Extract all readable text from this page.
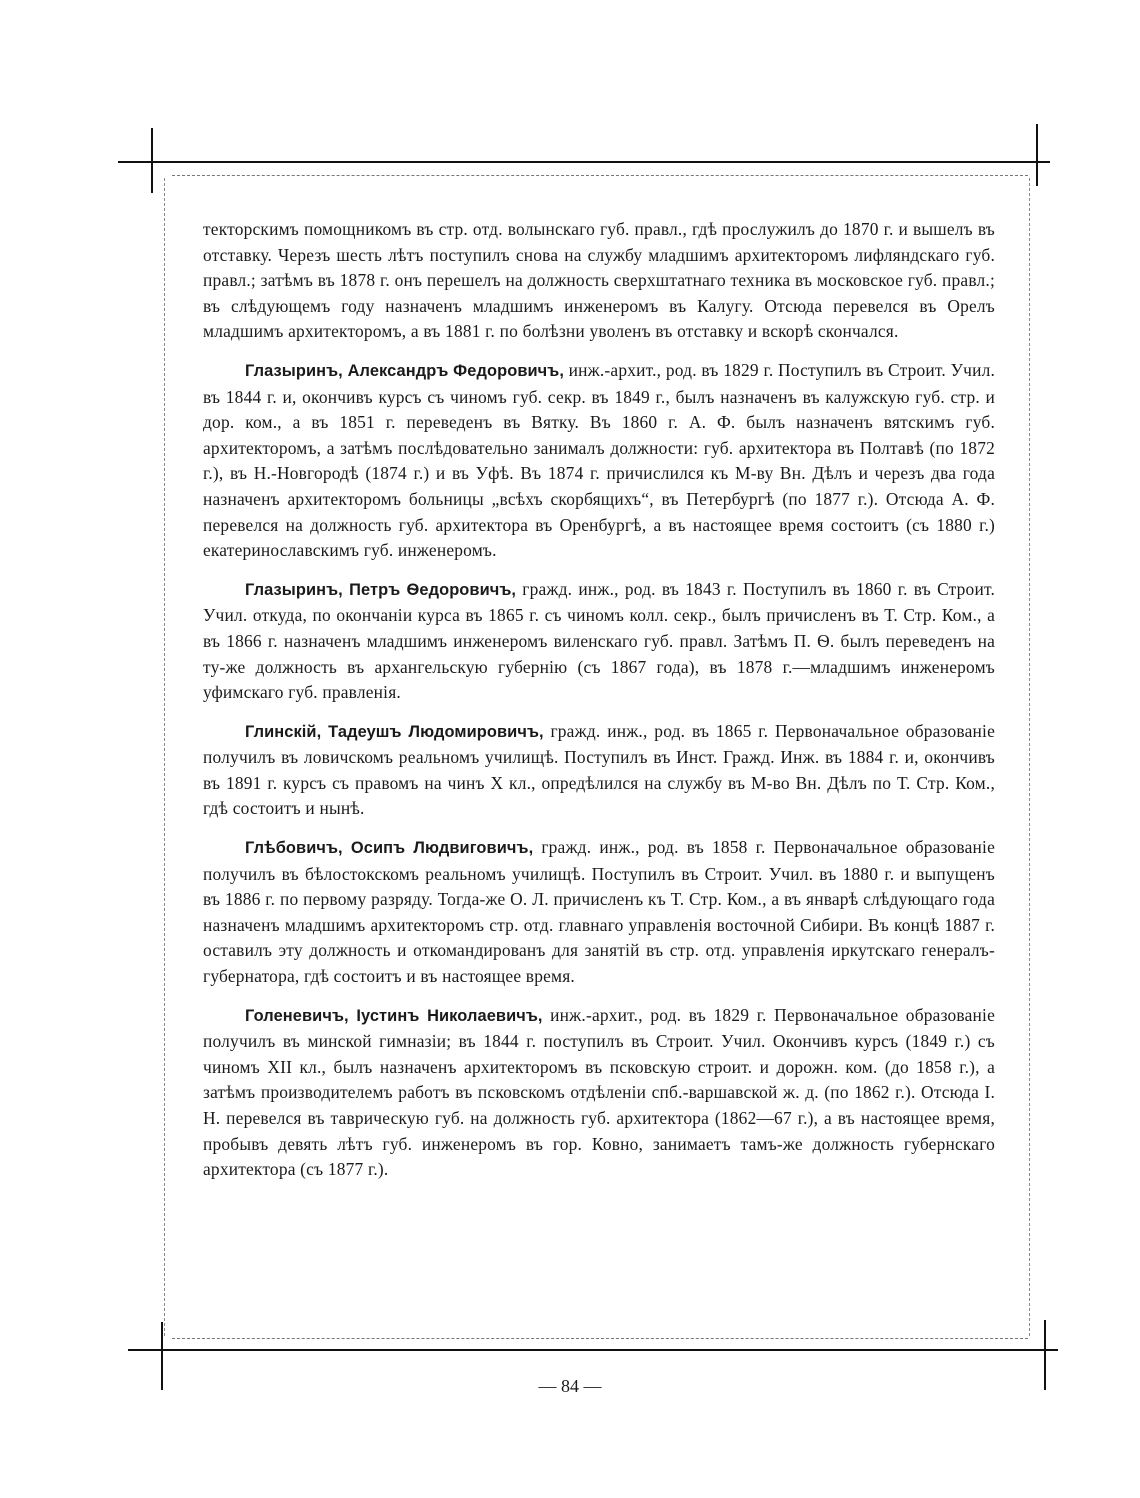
текторскимъ помощникомъ въ стр. отд. волынскаго губ. правл., гдѣ прослужилъ до 1870 г. и вышелъ въ отставку. Черезъ шесть лѣтъ поступилъ снова на службу младшимъ архитекторомъ лифляндскаго губ. правл.; затѣмъ въ 1878 г. онъ перешелъ на должность сверхштатнаго техника въ московское губ. правл.; въ слѣдующемъ году назначенъ младшимъ инженеромъ въ Калугу. Отсюда перевелся въ Орелъ младшимъ архитекторомъ, а въ 1881 г. по болѣзни уволенъ въ отставку и вскорѣ скончался.

Глазыринъ, Александръ Федоровичъ, инж.-архит., род. въ 1829 г. Поступилъ въ Строит. Учил. въ 1844 г. и, окончивъ курсъ съ чиномъ губ. секр. въ 1849 г., былъ назначенъ въ калужскую губ. стр. и дор. ком., а въ 1851 г. переведенъ въ Вятку. Въ 1860 г. А. Ф. былъ назначенъ вятскимъ губ. архитекторомъ, а затѣмъ послѣдовательно занималъ должности: губ. архитектора въ Полтавѣ (по 1872 г.), въ Н.-Новгородѣ (1874 г.) и въ Уфѣ. Въ 1874 г. причислился къ М-ву Вн. Дѣлъ и черезъ два года назначенъ архитекторомъ больницы „всѣхъ скорбящихъ“, въ Петербургѣ (по 1877 г.). Отсюда А. Ф. перевелся на должность губ. архитектора въ Оренбургѣ, а въ настоящее время состоитъ (съ 1880 г.) екатеринославскимъ губ. инженеромъ.

Глазыринъ, Петръ Ѳедоровичъ, гражд. инж., род. въ 1843 г. Поступилъ въ 1860 г. въ Строит. Учил. откуда, по окончаніи курса въ 1865 г. съ чиномъ колл. секр., былъ причисленъ въ Т. Стр. Ком., а въ 1866 г. назначенъ младшимъ инженеромъ виленскаго губ. правл. Затѣмъ П. Ѳ. былъ переведенъ на ту-же должность въ архангельскую губернію (съ 1867 года), въ 1878 г.—младшимъ инженеромъ уфимскаго губ. правленія.

Глинскій, Тадеушъ Людомировичъ, гражд. инж., род. въ 1865 г. Первоначальное образованіе получилъ въ ловичскомъ реальномъ училищѣ. Поступилъ въ Инст. Гражд. Инж. въ 1884 г. и, окончивъ въ 1891 г. курсъ съ правомъ на чинъ X кл., опредѣлился на службу въ М-во Вн. Дѣлъ по Т. Стр. Ком., гдѣ состоитъ и нынѣ.

Глѣбовичъ, Осипъ Людвиговичъ, гражд. инж., род. въ 1858 г. Первоначальное образованіе получилъ въ бѣлостокскомъ реальномъ училищѣ. Поступилъ въ Строит. Учил. въ 1880 г. и выпущенъ въ 1886 г. по первому разряду. Тогда-же О. Л. причисленъ къ Т. Стр. Ком., а въ январѣ слѣдующаго года назначенъ младшимъ архитекторомъ стр. отд. главнаго управленія восточной Сибири. Въ концѣ 1887 г. оставилъ эту должность и откомандированъ для занятій въ стр. отд. управленія иркутскаго генералъ-губернатора, гдѣ состоитъ и въ настоящее время.

Голеневичъ, Іустинъ Николаевичъ, инж.-архит., род. въ 1829 г. Первоначальное образованіе получилъ въ минской гимназіи; въ 1844 г. поступилъ въ Строит. Учил. Окончивъ курсъ (1849 г.) съ чиномъ XII кл., былъ назначенъ архитекторомъ въ псковскую строит. и дорожн. ком. (до 1858 г.), а затѣмъ производителемъ работъ въ псковскомъ отдѣленіи спб.-варшавской ж. д. (по 1862 г.). Отсюда І. Н. перевелся въ таврическую губ. на должность губ. архитектора (1862—67 г.), а въ настоящее время, пробывъ девять лѣтъ губ. инженеромъ въ гор. Ковно, занимаетъ тамъ-же должность губернскаго архитектора (съ 1877 г.).

— 84 —
